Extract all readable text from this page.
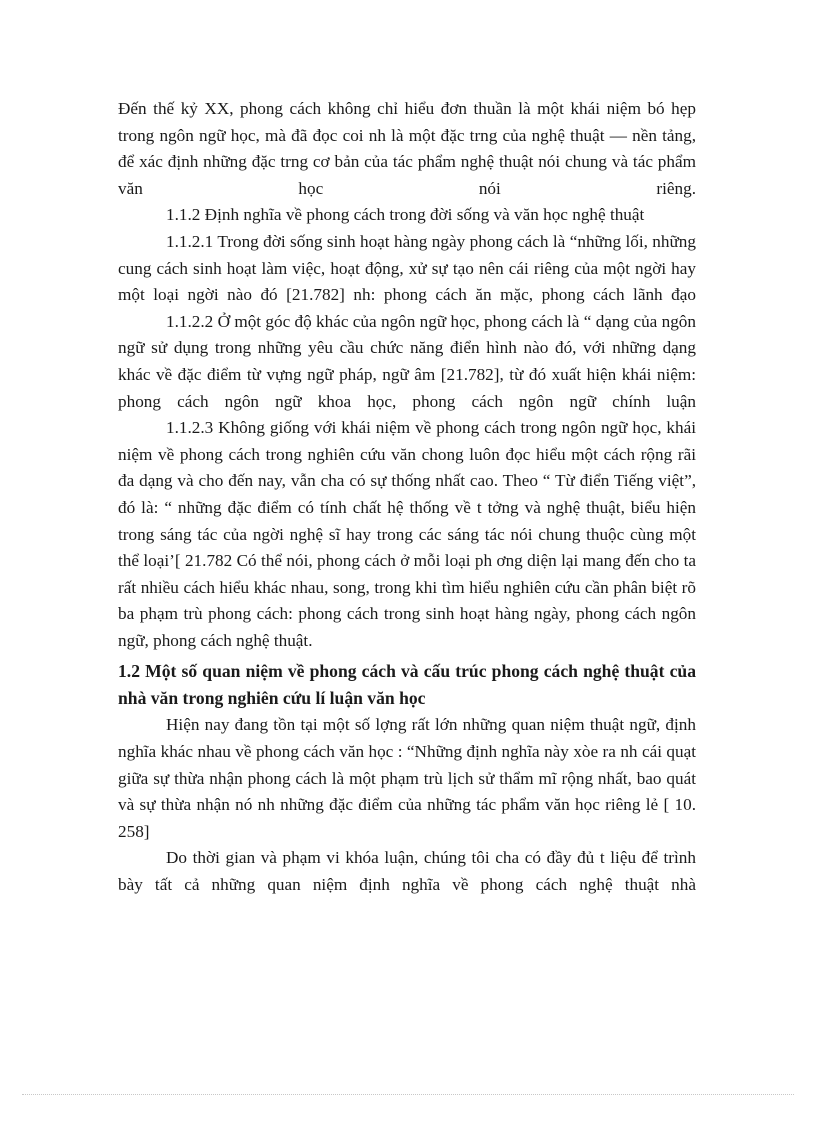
Đến thế kỷ XX, phong cách không chỉ hiểu đơn thuần là một khái niệm bó hẹp trong ngôn ngữ học, mà đã đọc coi nh là một đặc trng của nghệ thuật — nền tảng, để xác định những đặc trng cơ bản của tác phẩm nghệ thuật nói chung và tác phẩm văn học nói riêng.

1.1.2 Định nghĩa về phong cách trong đời sống và văn học nghệ thuật

1.1.2.1 Trong đời sống sinh hoạt hàng ngày phong cách là “những lối, những cung cách sinh hoạt làm việc, hoạt động, xử sự tạo nên cái riêng của một ngời hay một loại ngời nào đó [21.782] nh: phong cách ăn mặc, phong cách lãnh đạo

1.1.2.2 Ở một góc độ khác của ngôn ngữ học, phong cách là “ dạng của ngôn ngữ sử dụng trong những yêu cầu chức năng điển hình nào đó, với những dạng khác về đặc điểm từ vựng ngữ pháp, ngữ âm [21.782], từ đó xuất hiện khái niệm: phong cách ngôn ngữ khoa học, phong cách ngôn ngữ chính luận

1.1.2.3 Không giống với khái niệm về phong cách trong ngôn ngữ học, khái niệm về phong cách trong nghiên cứu văn chong luôn đọc hiểu một cách rộng rãi đa dạng và cho đến nay, vẫn cha có sự thống nhất cao. Theo “ Từ điển Tiếng việt”, đó là: “ những đặc điểm có tính chất hệ thống về t tởng và nghệ thuật, biểu hiện trong sáng tác của ngời nghệ sĩ hay trong các sáng tác nói chung thuộc cùng một thể loại’[ 21.782 Có thể nói, phong cách ở mỗi loại ph ơng diện lại mang đến cho ta rất nhiều cách hiểu khác nhau, song, trong khi tìm hiểu nghiên cứu cần phân biệt rõ ba phạm trù phong cách: phong cách trong sinh hoạt hàng ngày, phong cách ngôn ngữ, phong cách nghệ thuật.

1.2 Một số quan niệm về phong cách và cấu trúc phong cách nghệ thuật của nhà văn trong nghiên cứu lí luận văn học

Hiện nay đang tồn tại một số lợng rất lớn những quan niệm thuật ngữ, định nghĩa khác nhau về phong cách văn học : “Những định nghĩa này xòe ra nh cái quạt giữa sự thừa nhận phong cách là một phạm trù lịch sử thẩm mĩ rộng nhất, bao quát và sự thừa nhận nó nh những đặc điểm của những tác phẩm văn học riêng lẻ [ 10. 258]

Do thời gian và phạm vi khóa luận, chúng tôi cha có đầy đủ t liệu để trình bày tất cả những quan niệm định nghĩa về phong cách nghệ thuật nhà
